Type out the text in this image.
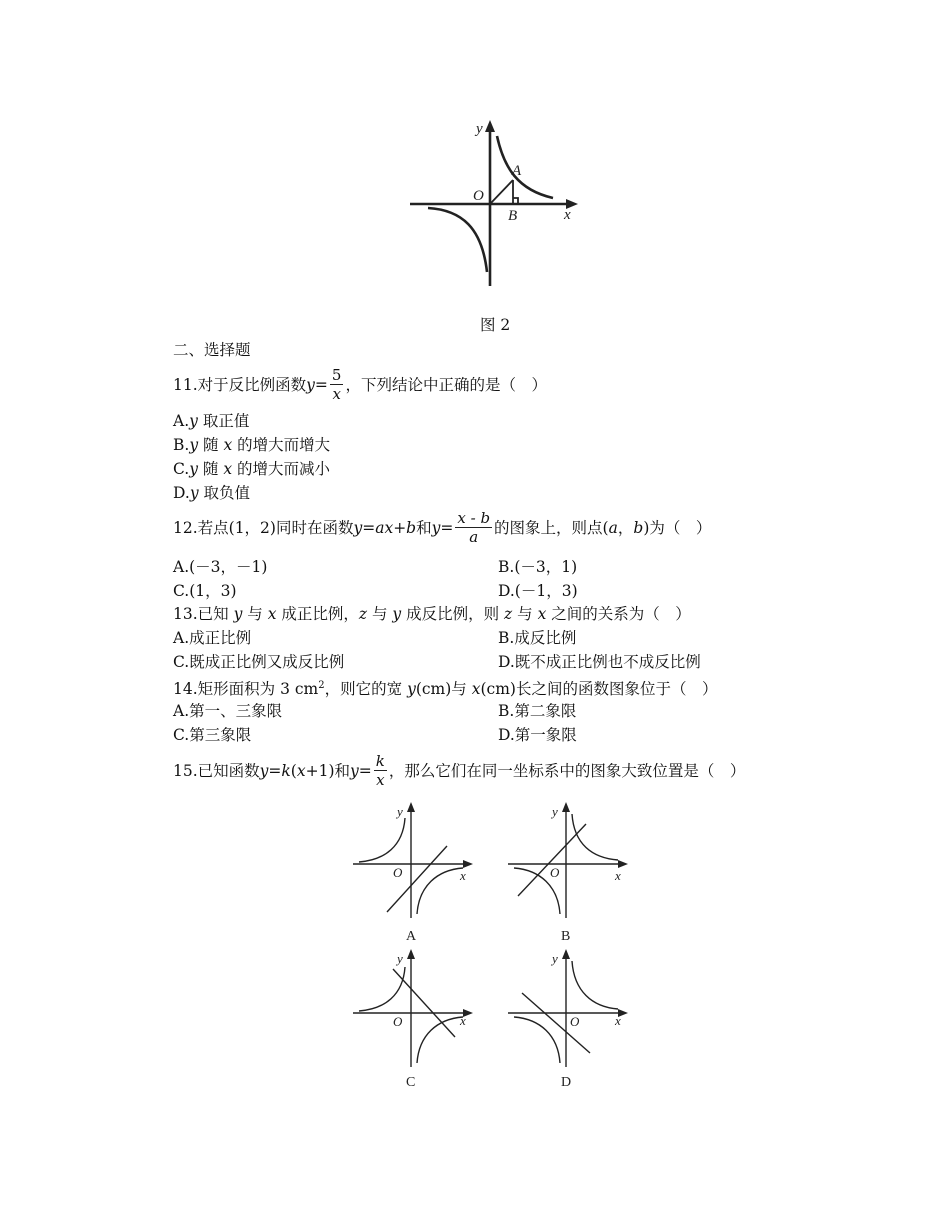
y
x
O
A
B
图 2
二、选择题
11.对于反比例函数 $y = \frac{5}{x}$ ，下列结论中正确的是（　）
A.y 取正值
B.y 随 x 的增大而增大
C.y 随 x 的增大而减小
D.y 取负值
12.若点(1，2)同时在函数 y=ax+b 和 $y= \frac{x - b}{a}$ 的图象上，则点( a ， b )为（　）
A.(－3，－1)	B.(－3，1)
C.(1，3)	D.(－1，3)
13.已知 y 与 x 成正比例，z 与 y 成反比例，则 z 与 x 之间的关系为（　）
A.成正比例	B.成反比例
C.既成正比例又成反比例	D.既不成正比例也不成反比例
14.矩形面积为 3 $cm^2$，则它的宽 y(cm)与 x(cm)长之间的函数图象位于（　）
A.第一、三象限	B.第二象限
C.第三象限	D.第一象限
15.已知函数 y=k ( x +1) 和 $y= \frac{k}{x}$ ，那么它们在同一坐标系中的图象大致位置是（　）
y
x
O
A
y
x
O
B
y
x
O
C
y
x
O
D
